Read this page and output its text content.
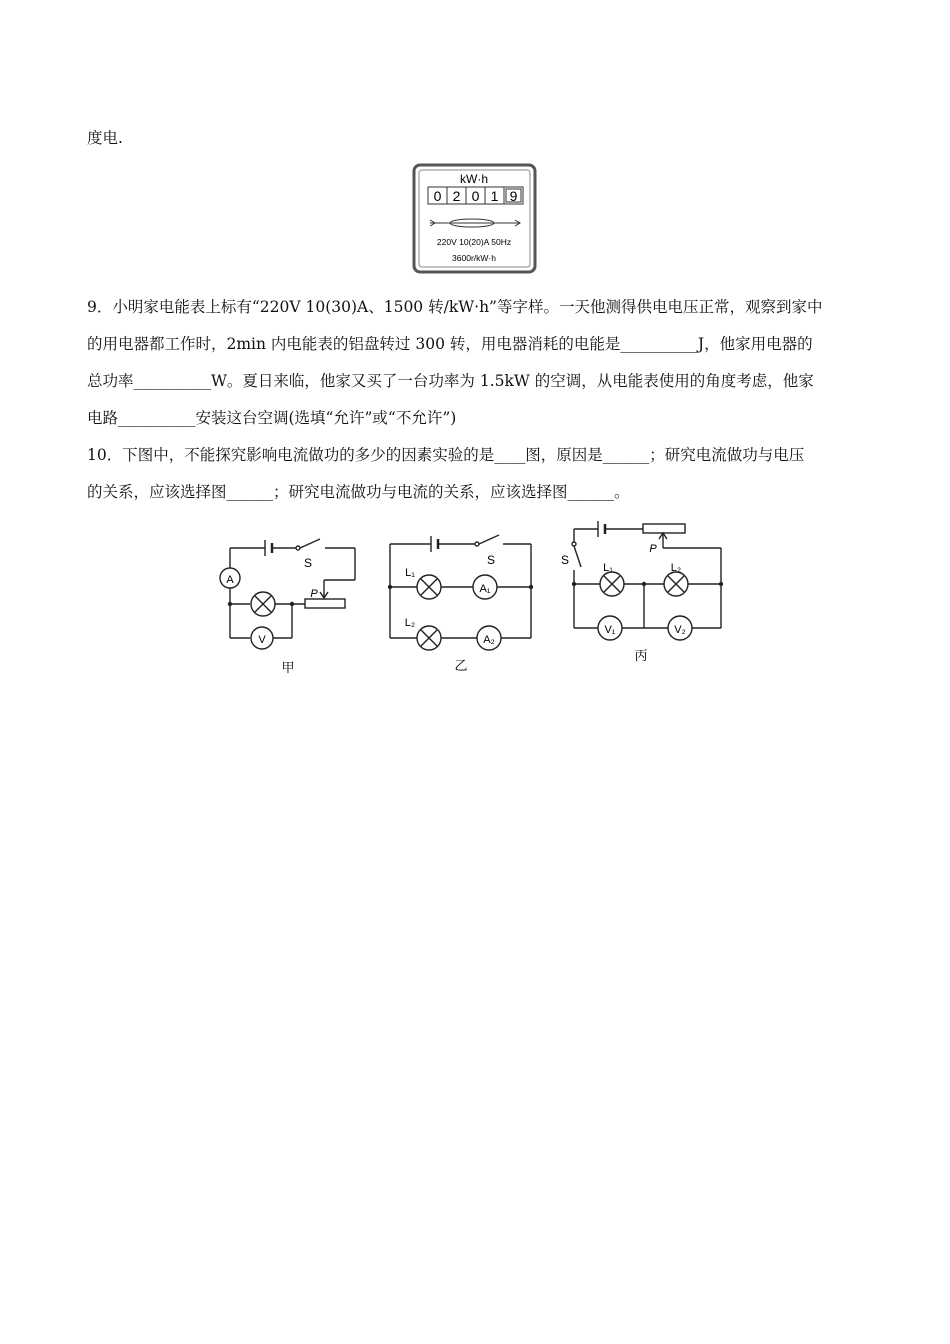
度电.
kW·h
0 2 0 1 9
220V 10(20)A 50Hz
3600r/kW·h
9．小明家电能表上标有“220V 10(30)A、1500 转/kW·h”等字样。一天他测得供电电压正常，观察到家中
的用电器都工作时，2min 内电能表的铝盘转过 300 转，用电器消耗的电能是__________J，他家用电器的
总功率__________W。夏日来临，他家又买了一台功率为 1.5kW 的空调，从电能表使用的角度考虑，他家
电路__________安装这台空调(选填“允许”或“不允许”)
10．下图中，不能探究影响电流做功的多少的因素实验的是____图，原因是______；研究电流做功与电压
的关系，应该选择图______；研究电流做功与电流的关系，应该选择图______。
A
V
S
P
甲
L₁
L₂
A₁
A₂
S
乙
S
P
L₁	L₂
V₁	V₂
丙
